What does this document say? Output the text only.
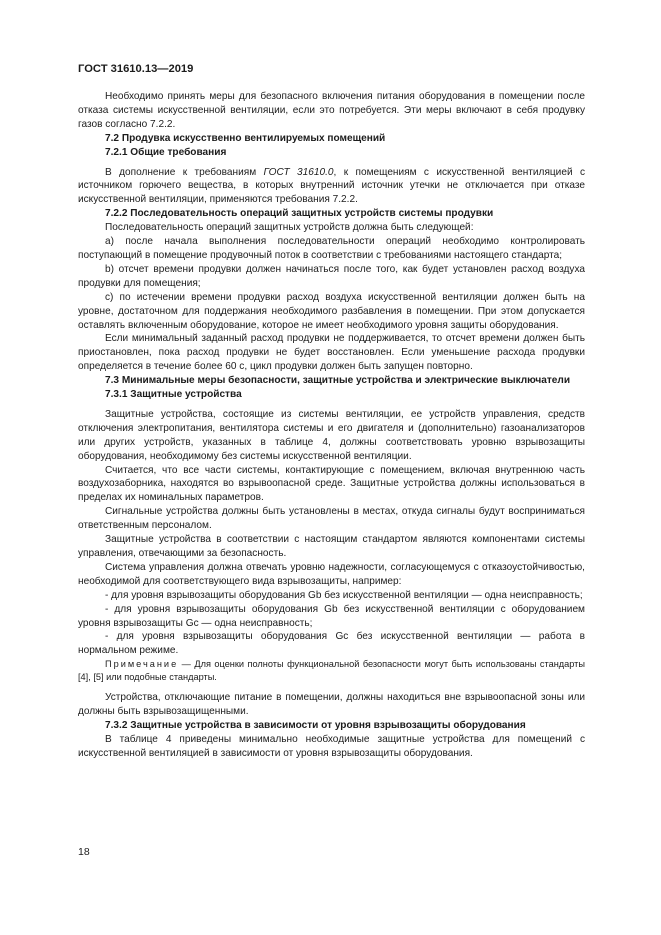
ГОСТ 31610.13—2019

Необходимо принять меры для безопасного включения питания оборудования в помещении после отказа системы искусственной вентиляции, если это потребуется. Эти меры включают в себя продувку газов согласно 7.2.2.

7.2 Продувка искусственно вентилируемых помещений

7.2.1 Общие требования

В дополнение к требованиям ГОСТ 31610.0, к помещениям с искусственной вентиляцией с источником горючего вещества, в которых внутренний источник утечки не отключается при отказе искусственной вентиляции, применяются требования 7.2.2.

7.2.2 Последовательность операций защитных устройств системы продувки

Последовательность операций защитных устройств должна быть следующей:

а) после начала выполнения последовательности операций необходимо контролировать поступающий в помещение продувочный поток в соответствии с требованиями настоящего стандарта;

b) отсчет времени продувки должен начинаться после того, как будет установлен расход воздуха продувки для помещения;

c) по истечении времени продувки расход воздуха искусственной вентиляции должен быть на уровне, достаточном для поддержания необходимого разбавления в помещении. При этом допускается оставлять включенным оборудование, которое не имеет необходимого уровня защиты оборудования.

Если минимальный заданный расход продувки не поддерживается, то отсчет времени должен быть приостановлен, пока расход продувки не будет восстановлен. Если уменьшение расхода продувки определяется в течение более 60 с, цикл продувки должен быть запущен повторно.

7.3 Минимальные меры безопасности, защитные устройства и электрические выключатели

7.3.1 Защитные устройства

Защитные устройства, состоящие из системы вентиляции, ее устройств управления, средств отключения электропитания, вентилятора системы и его двигателя и (дополнительно) газоанализаторов или других устройств, указанных в таблице 4, должны соответствовать уровню взрывозащиты оборудования, необходимому без системы искусственной вентиляции.

Считается, что все части системы, контактирующие с помещением, включая внутреннюю часть воздухозаборника, находятся во взрывоопасной среде. Защитные устройства должны использоваться в пределах их номинальных параметров.

Сигнальные устройства должны быть установлены в местах, откуда сигналы будут восприниматься ответственным персоналом.

Защитные устройства в соответствии с настоящим стандартом являются компонентами системы управления, отвечающими за безопасность.

Система управления должна отвечать уровню надежности, согласующемуся с отказоустойчивостью, необходимой для соответствующего вида взрывозащиты, например:

- для уровня взрывозащиты оборудования Gb без искусственной вентиляции — одна неисправность;

- для уровня взрывозащиты оборудования Gb без искусственной вентиляции с оборудованием уровня взрывозащиты Gc — одна неисправность;

- для уровня взрывозащиты оборудования Gc без искусственной вентиляции — работа в нормальном режиме.

Примечание — Для оценки полноты функциональной безопасности могут быть использованы стандарты [4], [5] или подобные стандарты.

Устройства, отключающие питание в помещении, должны находиться вне взрывоопасной зоны или должны быть взрывозащищенными.

7.3.2 Защитные устройства в зависимости от уровня взрывозащиты оборудования

В таблице 4 приведены минимально необходимые защитные устройства для помещений с искусственной вентиляцией в зависимости от уровня взрывозащиты оборудования.

18
